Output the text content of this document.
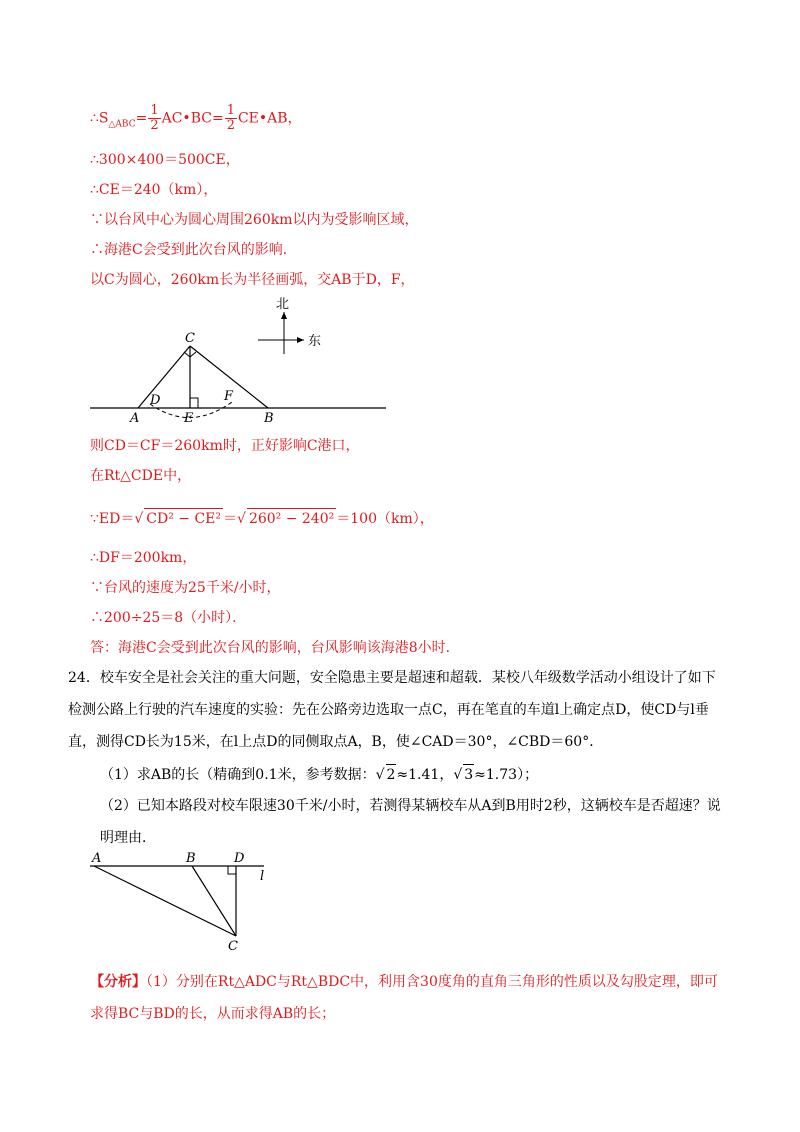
$\therefore S_{\triangle ABC}= \frac{1}{2}$ AC•BC= $\frac{1}{2}$ CE•AB，
∴300×400＝500CE，
∴CE＝240（km），
∵以台风中心为圆心周围260km以内为受影响区域，
∴海港C会受到此次台风的影响．
以C为圆心，260km长为半径画弧，交AB于D，F，
北
东
C
A
D
E
F
B
则CD＝CF＝260km时，正好影响C港口，
在Rt△CDE中，
∵ED＝√ CD² − CE² ＝√ 260² − 240² ＝100（km），
∴DF＝200km，
∵台风的速度为25千米/小时，
∴200÷25＝8（小时）．
答：海港C会受到此次台风的影响，台风影响该海港8小时．
24．校车安全是社会关注的重大问题，安全隐患主要是超速和超载．某校八年级数学活动小组设计了如下检测公路上行驶的汽车速度的实验：先在公路旁边选取一点C，再在笔直的车道l上确定点D，使CD与l垂直，测得CD长为15米，在l上点D的同侧取点A，B，使∠CAD＝30°，∠CBD＝60°．
（1）求AB的长（精确到0.1米，参考数据：√ 2≈1.41，√ 3≈1.73）；
（2）已知本路段对校车限速30千米/小时，若测得某辆校车从A到B用时2秒，这辆校车是否超速？说明理由．
A	B	D
l
C
【分析】（1）分别在Rt△ADC与Rt△BDC中，利用含30度角的直角三角形的性质以及勾股定理，即可求得BC与BD的长，从而求得AB的长；
